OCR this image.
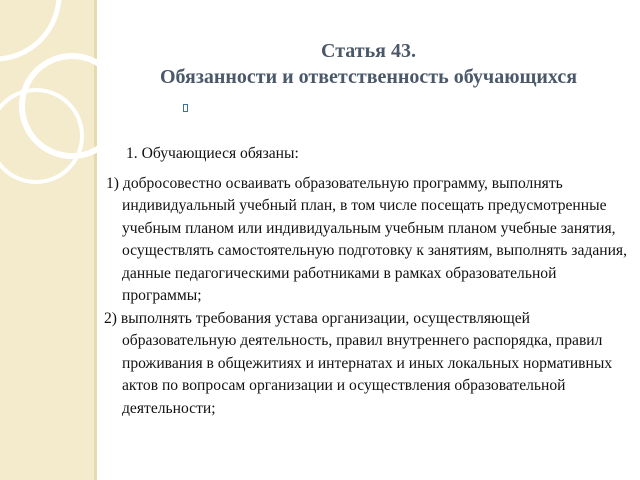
Статья 43.
Обязанности и ответственность обучающихся
1. Обучающиеся обязаны:
1) добросовестно осваивать образовательную программу, выполнять индивидуальный учебный план, в том числе посещать предусмотренные учебным планом или индивидуальным учебным планом учебные занятия, осуществлять самостоятельную подготовку к занятиям, выполнять задания, данные педагогическими работниками в рамках образовательной программы;
2) выполнять требования устава организации, осуществляющей образовательную деятельность, правил внутреннего распорядка, правил проживания в общежитиях и интернатах и иных локальных нормативных актов по вопросам организации и осуществления образовательной деятельности;
